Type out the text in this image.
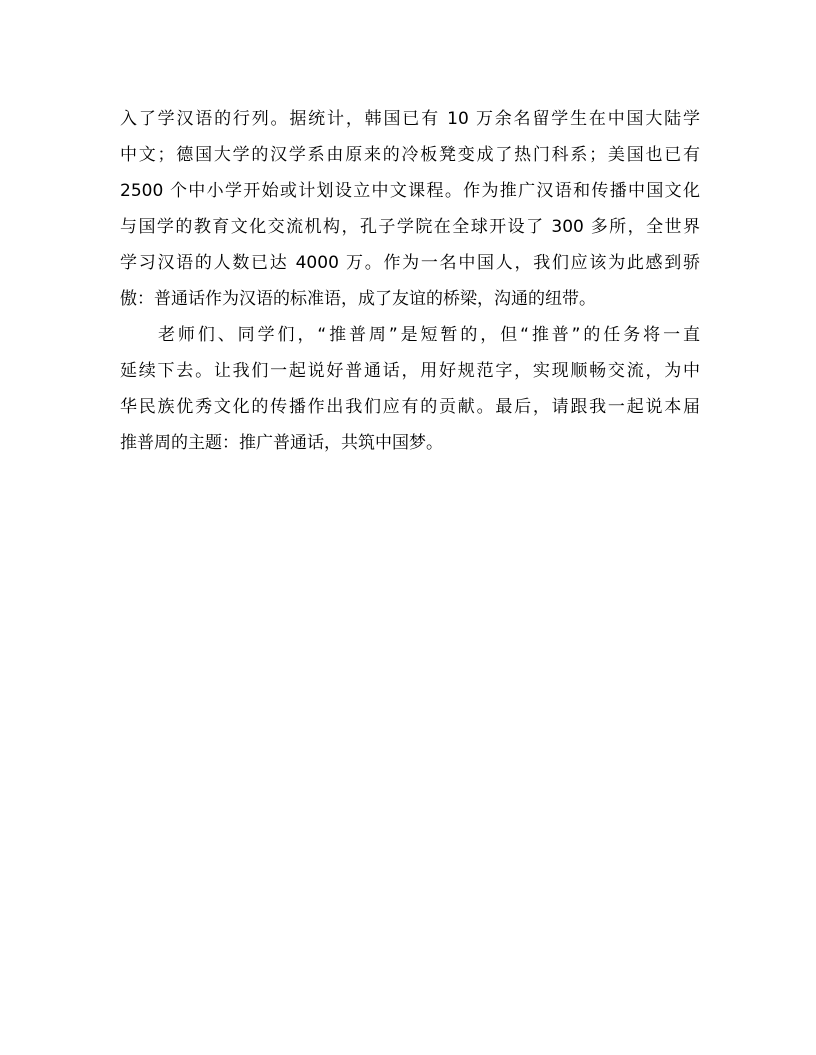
入了学汉语的行列。据统计，韩国已有 10 万余名留学生在中国大陆学
中文；德国大学的汉学系由原来的冷板凳变成了热门科系；美国也已有
2500 个中小学开始或计划设立中文课程。作为推广汉语和传播中国文化
与国学的教育文化交流机构，孔子学院在全球开设了 300 多所，全世界
学习汉语的人数已达 4000 万。作为一名中国人，我们应该为此感到骄
傲：普通话作为汉语的标准语，成了友谊的桥梁，沟通的纽带。
老师们、同学们，“推普周”是短暂的，但“推普”的任务将一直
延续下去。让我们一起说好普通话，用好规范字，实现顺畅交流，为中
华民族优秀文化的传播作出我们应有的贡献。最后，请跟我一起说本届
推普周的主题：推广普通话，共筑中国梦。
